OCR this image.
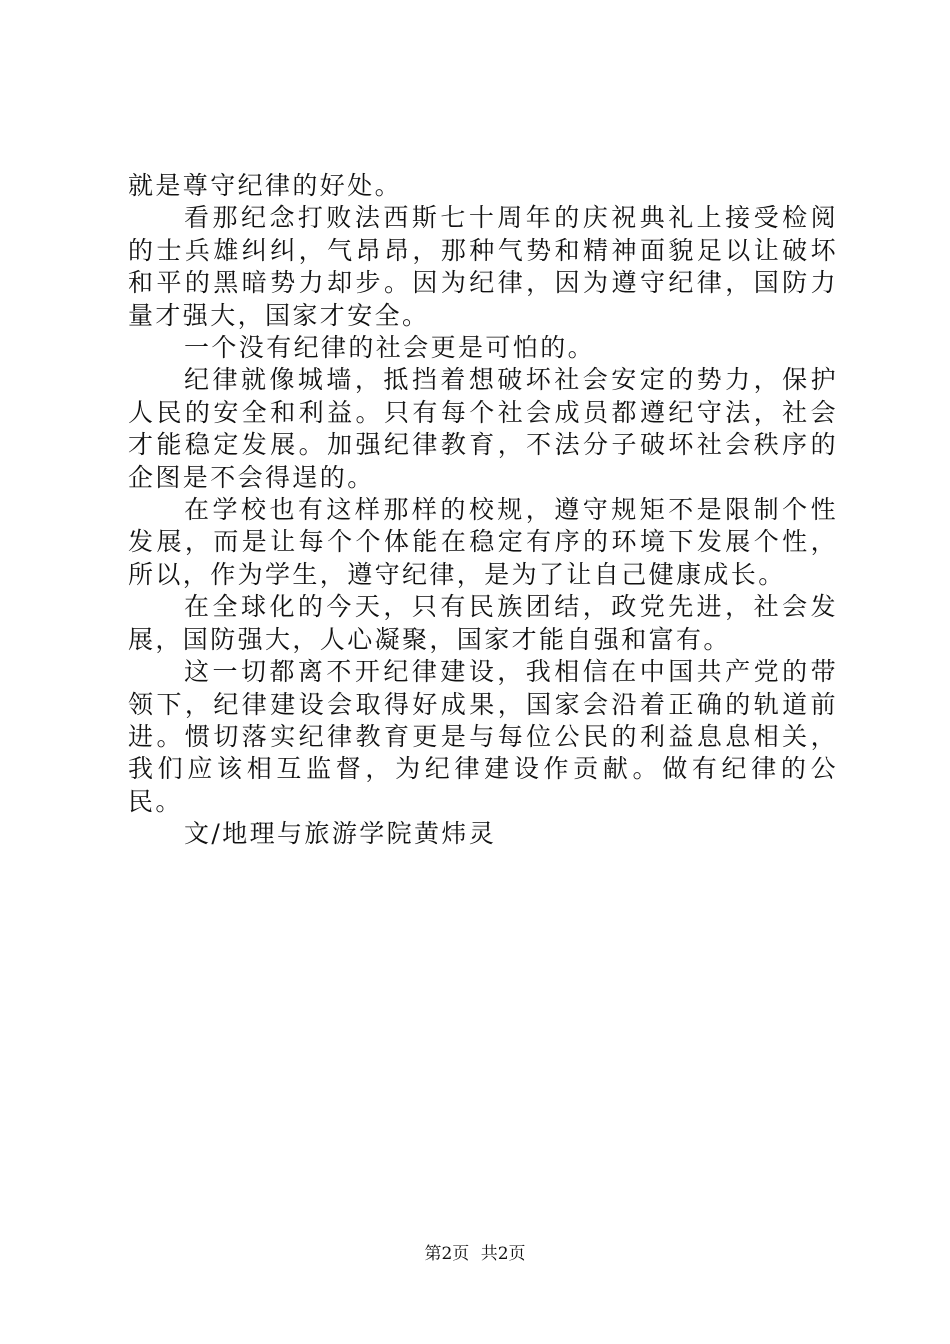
就是尊守纪律的好处。

看那纪念打败法西斯七十周年的庆祝典礼上接受检阅的士兵雄纠纠，气昂昂，那种气势和精神面貌足以让破坏和平的黑暗势力却步。因为纪律，因为遵守纪律，国防力量才强大，国家才安全。

一个没有纪律的社会更是可怕的。

纪律就像城墙，抵挡着想破坏社会安定的势力，保护人民的安全和利益。只有每个社会成员都遵纪守法，社会才能稳定发展。加强纪律教育，不法分子破坏社会秩序的企图是不会得逞的。

在学校也有这样那样的校规，遵守规矩不是限制个性发展，而是让每个个体能在稳定有序的环境下发展个性，所以，作为学生，遵守纪律，是为了让自己健康成长。

在全球化的今天，只有民族团结，政党先进，社会发展，国防强大，人心凝聚，国家才能自强和富有。

这一切都离不开纪律建设，我相信在中国共产党的带领下，纪律建设会取得好成果，国家会沿着正确的轨道前进。惯切落实纪律教育更是与每位公民的利益息息相关，我们应该相互监督，为纪律建设作贡献。做有纪律的公民。

文/地理与旅游学院黄炜灵

第2页 共2页
